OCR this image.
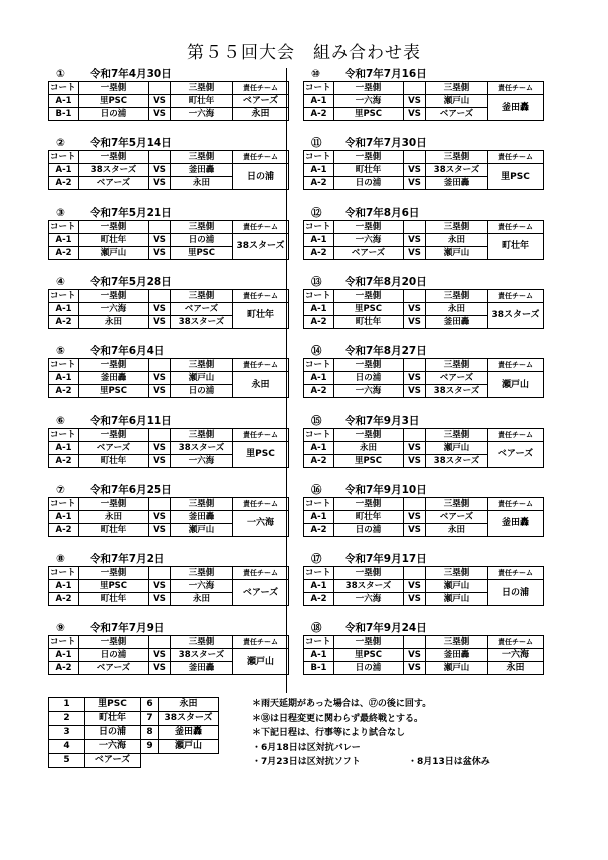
第５５回大会　組み合わせ表
① 令和7年4月30日
コート	一塁側		三塁側	責任チーム
A-1	里PSC	VS	町壮年	ベアーズ
B-1	日の浦	VS	一六海	永田
② 令和7年5月14日
コート	一塁側		三塁側	責任チーム
A-1	38スターズ	VS	釜田轟	日の浦
A-2	ベアーズ	VS	永田	
③ 令和7年5月21日
コート	一塁側		三塁側	責任チーム
A-1	町壮年	VS	日の浦	38スターズ
A-2	瀬戸山	VS	里PSC	
④ 令和7年5月28日
コート	一塁側		三塁側	責任チーム
A-1	一六海	VS	ベアーズ	町壮年
A-2	永田	VS	38スターズ	
⑤ 令和7年6月4日
コート	一塁側		三塁側	責任チーム
A-1	釜田轟	VS	瀬戸山	永田
A-2	里PSC	VS	日の浦	
⑥ 令和7年6月11日
コート	一塁側		三塁側	責任チーム
A-1	ベアーズ	VS	38スターズ	里PSC
A-2	町壮年	VS	一六海	
⑦ 令和7年6月25日
コート	一塁側		三塁側	責任チーム
A-1	永田	VS	釜田轟	一六海
A-2	町壮年	VS	瀬戸山	
⑧ 令和7年7月2日
コート	一塁側		三塁側	責任チーム
A-1	里PSC	VS	一六海	ベアーズ
A-2	町壮年	VS	永田	
⑨ 令和7年7月9日
コート	一塁側		三塁側	責任チーム
A-1	日の浦	VS	38スターズ	瀬戸山
A-2	ベアーズ	VS	釜田轟	
⑩ 令和7年7月16日
コート	一塁側		三塁側	責任チーム
A-1	一六海	VS	瀬戸山	釜田轟
A-2	里PSC	VS	ベアーズ	
⑪ 令和7年7月30日
コート	一塁側		三塁側	責任チーム
A-1	町壮年	VS	38スターズ	里PSC
A-2	日の浦	VS	釜田轟	
⑫ 令和7年8月6日
コート	一塁側		三塁側	責任チーム
A-1	一六海	VS	永田	町壮年
A-2	ベアーズ	VS	瀬戸山	
⑬ 令和7年8月20日
コート	一塁側		三塁側	責任チーム
A-1	里PSC	VS	永田	38スターズ
A-2	町壮年	VS	釜田轟	
⑭ 令和7年8月27日
コート	一塁側		三塁側	責任チーム
A-1	日の浦	VS	ベアーズ	瀬戸山
A-2	一六海	VS	38スターズ	
⑮ 令和7年9月3日
コート	一塁側		三塁側	責任チーム
A-1	永田	VS	瀬戸山	ベアーズ
A-2	里PSC	VS	38スターズ	
⑯ 令和7年9月10日
コート	一塁側		三塁側	責任チーム
A-1	町壮年	VS	ベアーズ	釜田轟
A-2	日の浦	VS	永田	
⑰ 令和7年9月17日
コート	一塁側		三塁側	責任チーム
A-1	38スターズ	VS	瀬戸山	日の浦
A-2	一六海	VS	瀬戸山	
⑱ 令和7年9月24日
コート	一塁側		三塁側	責任チーム
A-1	里PSC	VS	釜田轟	一六海
B-1	日の浦	VS	瀬戸山	永田
1	里PSC	6	永田
2	町壮年	7	38スターズ
3	日の浦	8	釜田轟
4	一六海	9	瀬戸山
5	ベアーズ		
＊雨天延期があった場合は、⑰の後に回す。
＊⑱は日程変更に関わらず最終戦とする。
＊下記日程は、行事等により試合なし
・6月18日は区対抗バレー
・7月23日は区対抗ソフト	・8月13日は盆休み
